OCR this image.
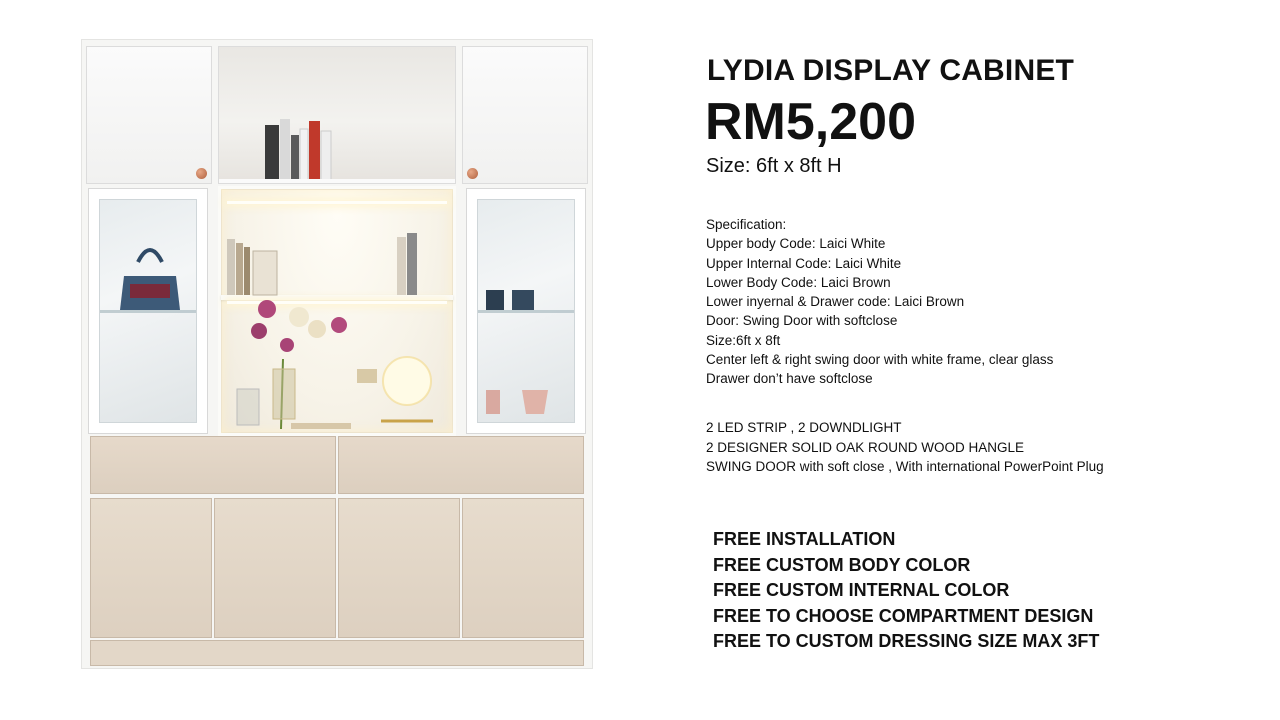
LYDIA DISPLAY CABINET
RM5,200
Size: 6ft x 8ft H
Specification:
Upper body Code: Laici White
Upper Internal Code: Laici White
Lower Body Code: Laici Brown
Lower inyernal & Drawer code: Laici Brown
Door: Swing Door with softclose
Size:6ft x 8ft
Center left & right swing door with white frame, clear glass
Drawer don’t have softclose
2 LED STRIP , 2 DOWNDLIGHT
2 DESIGNER SOLID OAK ROUND WOOD HANGLE
SWING DOOR with soft close , With international PowerPoint Plug
FREE INSTALLATION
FREE CUSTOM BODY COLOR
FREE CUSTOM INTERNAL COLOR
FREE TO CHOOSE COMPARTMENT DESIGN
FREE TO CUSTOM DRESSING SIZE MAX 3FT
